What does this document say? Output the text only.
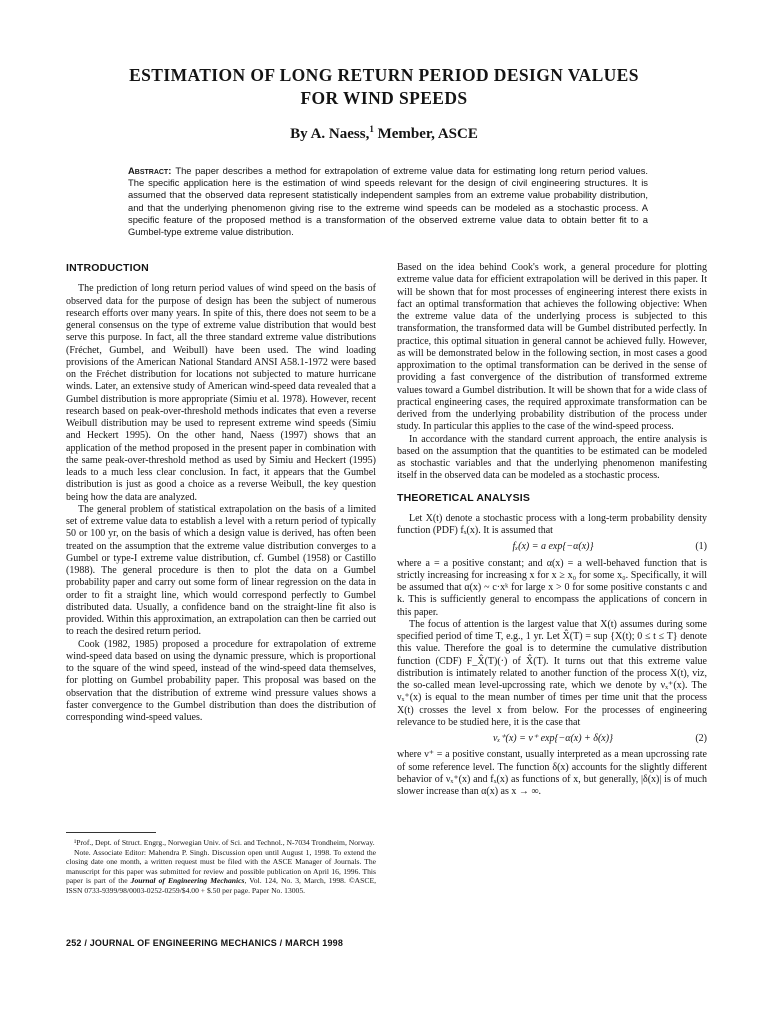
ESTIMATION OF LONG RETURN PERIOD DESIGN VALUES
FOR WIND SPEEDS
By A. Naess,$^1$ Member, ASCE
Abstract: The paper describes a method for extrapolation of extreme value data for estimating long return period values. The specific application here is the estimation of wind speeds relevant for the design of civil engineering structures. It is assumed that the observed data represent statistically independent samples from an extreme value probability distribution, and that the underlying phenomenon giving rise to the extreme wind speeds can be modeled as a stochastic process. A specific feature of the proposed method is a transformation of the observed extreme value data to obtain better fit to a Gumbel-type extreme value distribution.
INTRODUCTION

The prediction of long return period values of wind speed on the basis of observed data for the purpose of design has been the subject of numerous research efforts over many years. In spite of this, there does not seem to be a general consensus on the type of extreme value distribution that would best serve this purpose. In fact, all the three standard extreme value distributions (Fréchet, Gumbel, and Weibull) have been used. The wind loading provisions of the American National Standard ANSI A58.1-1972 were based on the Fréchet distribution for locations not subjected to mature hurricane winds. Later, an extensive study of American wind-speed data revealed that a Gumbel distribution is more appropriate (Simiu et al. 1978). However, recent research based on peak-over-threshold methods indicates that even a reverse Weibull distribution may be used to represent extreme wind speeds (Simiu and Heckert 1995). On the other hand, Naess (1997) shows that an application of the method proposed in the present paper in combination with the same peak-over-threshold method as used by Simiu and Heckert (1995) leads to a much less clear conclusion. In fact, it appears that the Gumbel distribution is just as good a choice as a reverse Weibull, the key question being how the data are analyzed.

The general problem of statistical extrapolation on the basis of a limited set of extreme value data to establish a level with a return period of typically 50 or 100 yr, on the basis of which a design value is derived, has often been treated on the assumption that the extreme value distribution converges to a Gumbel or type-I extreme value distribution, cf. Gumbel (1958) or Castillo (1988). The general procedure is then to plot the data on a Gumbel probability paper and carry out some form of linear regression on the data in order to fit a straight line, which would correspond perfectly to Gumbel distributed data. Usually, a confidence band on the straight-line fit also is provided. Within this approximation, an extrapolation can then be carried out to reach the desired return period.

Cook (1982, 1985) proposed a procedure for extrapolation of extreme wind-speed data based on using the dynamic pressure, which is proportional to the square of the wind speed, instead of the wind-speed data themselves, for plotting on Gumbel probability paper. This proposal was based on the observation that the distribution of extreme wind pressure values shows a faster convergence to the Gumbel distribution than does the distribution of corresponding wind-speed values.

¹Prof., Dept. of Struct. Engrg., Norwegian Univ. of Sci. and Technol., N-7034 Trondheim, Norway.

Note. Associate Editor: Mahendra P. Singh. Discussion open until August 1, 1998. To extend the closing date one month, a written request must be filed with the ASCE Manager of Journals. The manuscript for this paper was submitted for review and possible publication on April 16, 1996. This paper is part of the Journal of Engineering Mechanics, Vol. 124, No. 3, March, 1998. ©ASCE, ISSN 0733-9399/98/0003-0252-0259/$4.00 + $.50 per page. Paper No. 13005.

252 / JOURNAL OF ENGINEERING MECHANICS / MARCH 1998

Based on the idea behind Cook's work, a general procedure for plotting extreme value data for efficient extrapolation will be derived in this paper. It will be shown that for most processes of engineering interest there exists in fact an optimal transformation that achieves the following objective: When the extreme value data of the underlying process is subjected to this transformation, the transformed data will be Gumbel distributed perfectly. In practice, this optimal situation in general cannot be achieved fully. However, as will be demonstrated below in the following section, in most cases a good approximation to the optimal transformation can be derived in the sense of providing a fast convergence of the distribution of transformed extreme values toward a Gumbel distribution. It will be shown that for a wide class of practical engineering cases, the required approximate transformation can be derived from the underlying probability distribution of the process under study. In particular this applies to the case of the wind-speed process.

In accordance with the standard current approach, the entire analysis is based on the assumption that the quantities to be estimated can be modeled as stochastic variables and that the underlying phenomenon manifesting itself in the observed data can be modeled as a stochastic process.

THEORETICAL ANALYSIS

Let X(t) denote a stochastic process with a long-term probability density function (PDF) fₓ(x). It is assumed that

fₓ(x) = a exp{−α(x)}	(1)

where a = a positive constant; and α(x) = a well-behaved function that is strictly increasing for increasing x for x ≥ x₀ for some x₀. Specifically, it will be assumed that α(x) ~ c·xᵏ for large x > 0 for some positive constants c and k. This is sufficiently general to encompass the applications of concern in this paper.

The focus of attention is the largest value that X(t) assumes during some specified period of time T, e.g., 1 yr. Let X̂(T) = sup {X(t); 0 ≤ t ≤ T} denote this value. Therefore the goal is to determine the cumulative distribution function (CDF) F_X̂(T)(·) of X̂(T). It turns out that this extreme value distribution is intimately related to another function of the process X(t), viz, the so-called mean level-upcrossing rate, which we denote by νₓ⁺(x). The νₓ⁺(x) is equal to the mean number of times per time unit that the process X(t) crosses the level x from below. For the processes of engineering relevance to be studied here, it is the case that

νₓ⁺(x) = ν⁺ exp{−α(x) + δ(x)}	(2)

where ν⁺ = a positive constant, usually interpreted as a mean upcrossing rate of some reference level. The function δ(x) accounts for the slightly different behavior of νₓ⁺(x) and fₓ(x) as functions of x, but generally, |δ(x)| is of much slower increase than α(x) as x → ∞.
